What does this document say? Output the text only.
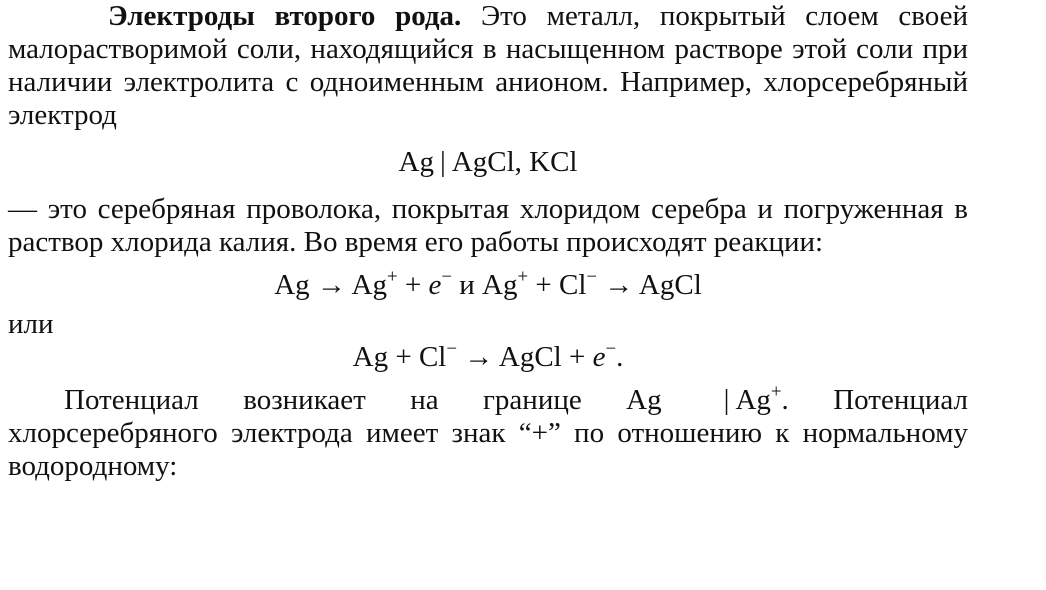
Электроды второго рода. Это металл, покрытый слоем своей малорастворимой соли, находящийся в насыщенном растворе этой соли при наличии электролита с одноименным анионом. Например, хлорсеребряный электрод

Ag | AgCl, KCl

— это серебряная проволока, покрытая хлоридом серебра и погруженная в раствор хлорида калия. Во время его работы происходят реакции:

Ag → Ag+ + e− и Ag+ + Cl− → AgCl

или

Ag + Cl− → AgCl + e−.

Потенциал возникает на границе Ag | Ag+. Потенциал хлорсеребряного электрода имеет знак “+” по отношению к нормальному водородному:
